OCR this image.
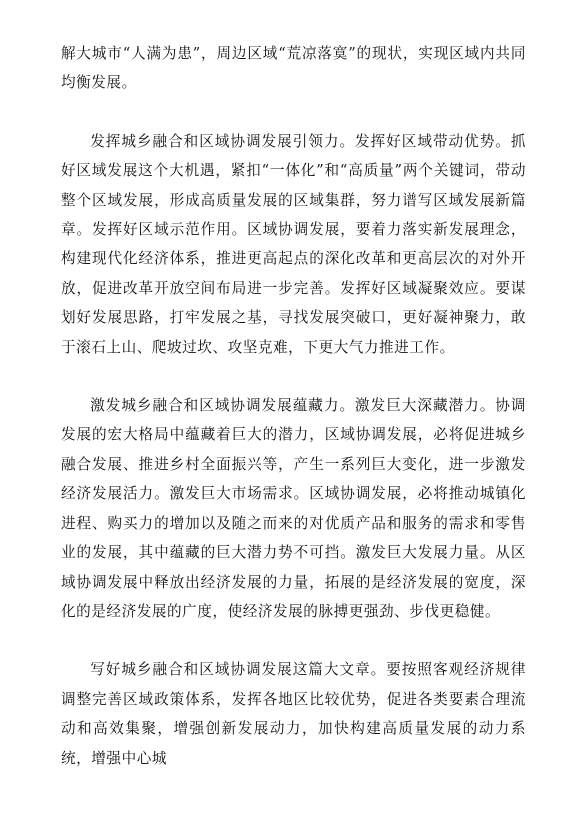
解大城市“人满为患”，周边区域“荒凉落寞”的现状，实现区域内共同均衡发展。

发挥城乡融合和区域协调发展引领力。发挥好区域带动优势。抓好区域发展这个大机遇，紧扣“一体化”和“高质量”两个关键词，带动整个区域发展，形成高质量发展的区域集群，努力谱写区域发展新篇章。发挥好区域示范作用。区域协调发展，要着力落实新发展理念，构建现代化经济体系，推进更高起点的深化改革和更高层次的对外开放，促进改革开放空间布局进一步完善。发挥好区域凝聚效应。要谋划好发展思路，打牢发展之基，寻找发展突破口，更好凝神聚力，敢于滚石上山、爬坡过坎、攻坚克难，下更大气力推进工作。

激发城乡融合和区域协调发展蕴藏力。激发巨大深藏潜力。协调发展的宏大格局中蕴藏着巨大的潜力，区域协调发展，必将促进城乡融合发展、推进乡村全面振兴等，产生一系列巨大变化，进一步激发经济发展活力。激发巨大市场需求。区域协调发展，必将推动城镇化进程、购买力的增加以及随之而来的对优质产品和服务的需求和零售业的发展，其中蕴藏的巨大潜力势不可挡。激发巨大发展力量。从区域协调发展中释放出经济发展的力量，拓展的是经济发展的宽度，深化的是经济发展的广度，使经济发展的脉搏更强劲、步伐更稳健。

写好城乡融合和区域协调发展这篇大文章。要按照客观经济规律调整完善区域政策体系，发挥各地区比较优势，促进各类要素合理流动和高效集聚，增强创新发展动力，加快构建高质量发展的动力系统，增强中心城
